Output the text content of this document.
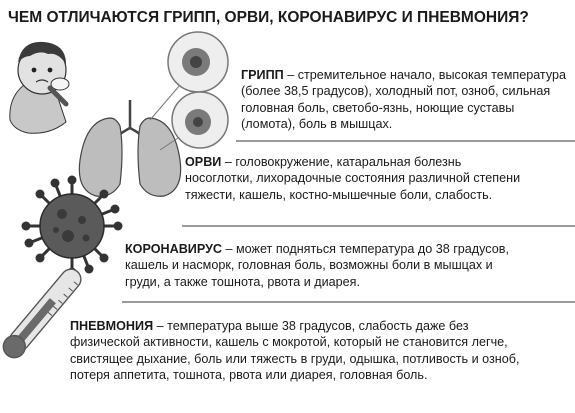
ЧЕМ ОТЛИЧАЮТСЯ ГРИПП, ОРВИ, КОРОНАВИРУС И ПНЕВМОНИЯ?
ГРИПП – стремительное начало, высокая температура (более 38,5 градусов), холодный пот, озноб, сильная головная боль, светобо-язнь, ноющие суставы (ломота), боль в мышцах.
ОРВИ – головокружение, катаральная болезнь носоглотки, лихорадочные состояния различной степени тяжести, кашель, костно-мышечные боли, слабость.
КОРОНАВИРУС – может подняться температура до 38 градусов, кашель и насморк, головная боль, возможны боли в мышцах и груди, а также тошнота, рвота и диарея.
ПНЕВМОНИЯ – температура выше 38 градусов, слабость даже без физической активности, кашель с мокротой, который не становится легче, свистящее дыхание, боль или тяжесть в груди, одышка, потливость и озноб, потеря аппетита, тошнота, рвота или диарея, головная боль.
